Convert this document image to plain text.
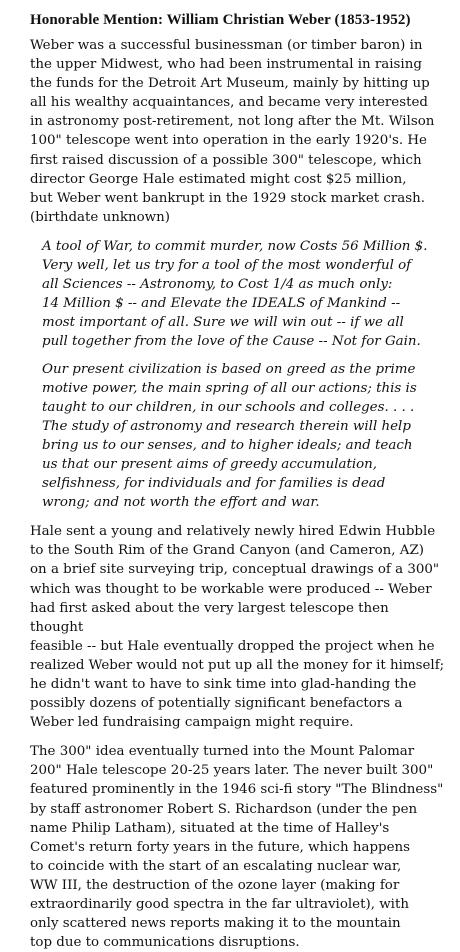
Honorable Mention: William Christian Weber (1853-1952)

Weber was a successful businessman (or timber baron) in
the upper Midwest, who had been instrumental in raising
the funds for the Detroit Art Museum, mainly by hitting up
all his wealthy acquaintances, and became very interested
in astronomy post-retirement, not long after the Mt. Wilson
100" telescope went into operation in the early 1920's. He
first raised discussion of a possible 300" telescope, which
director George Hale estimated might cost $25 million,
but Weber went bankrupt in the 1929 stock market crash.
(birthdate unknown)

A tool of War, to commit murder, now Costs 56 Million $.
Very well, let us try for a tool of the most wonderful of
all Sciences -- Astronomy, to Cost 1/4 as much only:
14 Million $ -- and Elevate the IDEALS of Mankind --
most important of all. Sure we will win out -- if we all
pull together from the love of the Cause -- Not for Gain.

Our present civilization is based on greed as the prime
motive power, the main spring of all our actions; this is
taught to our children, in our schools and colleges. . . .
The study of astronomy and research therein will help
bring us to our senses, and to higher ideals; and teach
us that our present aims of greedy accumulation,
selfishness, for individuals and for families is dead
wrong; and not worth the effort and war.

Hale sent a young and relatively newly hired Edwin Hubble
to the South Rim of the Grand Canyon (and Cameron, AZ)
on a brief site surveying trip, conceptual drawings of a 300"
which was thought to be workable were produced -- Weber
had first asked about the very largest telescope then thought
feasible -- but Hale eventually dropped the project when he
realized Weber would not put up all the money for it himself;
he didn't want to have to sink time into glad-handing the
possibly dozens of potentially significant benefactors a
Weber led fundraising campaign might require.

The 300" idea eventually turned into the Mount Palomar
200" Hale telescope 20-25 years later. The never built 300"
featured prominently in the 1946 sci-fi story "The Blindness"
by staff astronomer Robert S. Richardson (under the pen
name Philip Latham), situated at the time of Halley's
Comet's return forty years in the future, which happens
to coincide with the start of an escalating nuclear war,
WW III, the destruction of the ozone layer (making for
extraordinarily good spectra in the far ultraviolet), with
only scattered news reports making it to the mountain
top due to communications disruptions.
